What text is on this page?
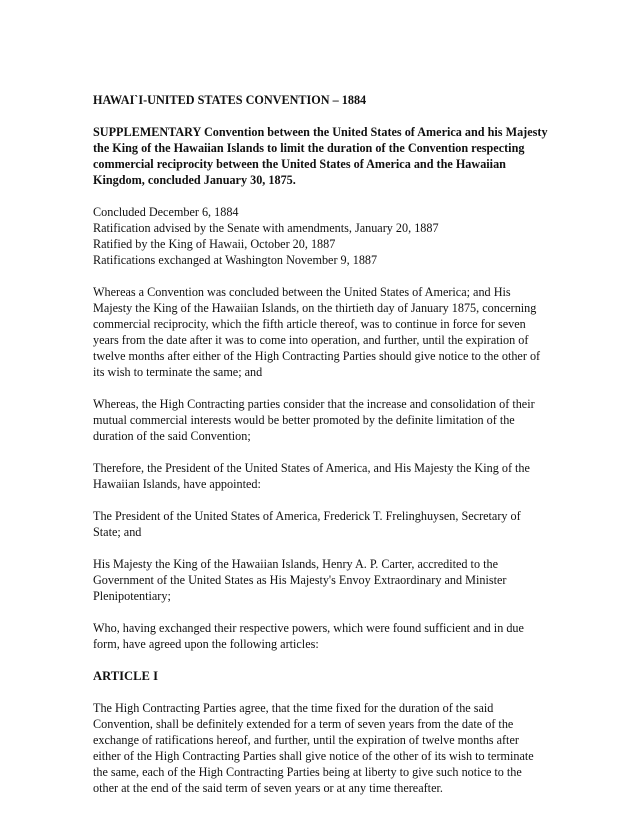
HAWAI`I-UNITED STATES CONVENTION – 1884

SUPPLEMENTARY Convention between the United States of America and his Majesty the King of the Hawaiian Islands to limit the duration of the Convention respecting commercial reciprocity between the United States of America and the Hawaiian Kingdom, concluded January 30, 1875.

Concluded December 6, 1884
Ratification advised by the Senate with amendments, January 20, 1887
Ratified by the King of Hawaii, October 20, 1887
Ratifications exchanged at Washington November 9, 1887

Whereas a Convention was concluded between the United States of America; and His Majesty the King of the Hawaiian Islands, on the thirtieth day of January 1875, concerning commercial reciprocity, which the fifth article thereof, was to continue in force for seven years from the date after it was to come into operation, and further, until the expiration of twelve months after either of the High Contracting Parties should give notice to the other of its wish to terminate the same; and

Whereas, the High Contracting parties consider that the increase and consolidation of their mutual commercial interests would be better promoted by the definite limitation of the duration of the said Convention;

Therefore, the President of the United States of America, and His Majesty the King of the Hawaiian Islands, have appointed:

The President of the United States of America, Frederick T. Frelinghuysen, Secretary of State; and

His Majesty the King of the Hawaiian Islands, Henry A. P. Carter, accredited to the Government of the United States as His Majesty's Envoy Extraordinary and Minister Plenipotentiary;

Who, having exchanged their respective powers, which were found sufficient and in due form, have agreed upon the following articles:

ARTICLE I

The High Contracting Parties agree, that the time fixed for the duration of the said Convention, shall be definitely extended for a term of seven years from the date of the exchange of ratifications hereof, and further, until the expiration of twelve months after either of the High Contracting Parties shall give notice of the other of its wish to terminate the same, each of the High Contracting Parties being at liberty to give such notice to the other at the end of the said term of seven years or at any time thereafter.
